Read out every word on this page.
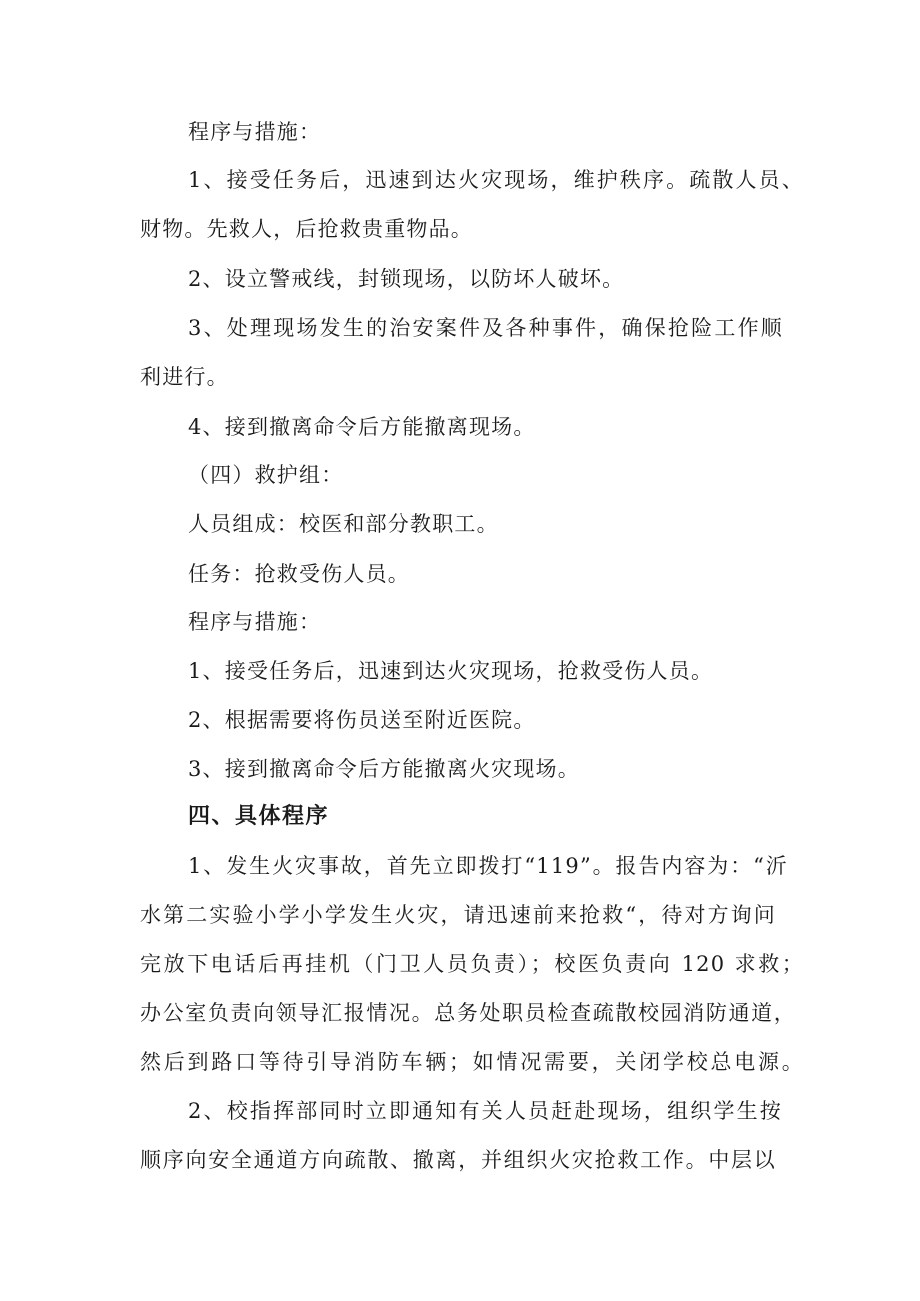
程序与措施：
1、接受任务后，迅速到达火灾现场，维护秩序。疏散人员、
财物。先救人，后抢救贵重物品。
2、设立警戒线，封锁现场，以防坏人破坏。
3、处理现场发生的治安案件及各种事件，确保抢险工作顺
利进行。
4、接到撤离命令后方能撤离现场。
（四）救护组：
人员组成：校医和部分教职工。
任务：抢救受伤人员。
程序与措施：
1、接受任务后，迅速到达火灾现场，抢救受伤人员。
2、根据需要将伤员送至附近医院。
3、接到撤离命令后方能撤离火灾现场。
四、具体程序
1、发生火灾事故，首先立即拨打“119”。报告内容为：“沂
水第二实验小学小学发生火灾，请迅速前来抢救“，待对方询问
完放下电话后再挂机（门卫人员负责）；校医负责向 120 求救；
办公室负责向领导汇报情况。总务处职员检查疏散校园消防通道，
然后到路口等待引导消防车辆；如情况需要，关闭学校总电源。
2、校指挥部同时立即通知有关人员赶赴现场，组织学生按
顺序向安全通道方向疏散、撤离，并组织火灾抢救工作。中层以
